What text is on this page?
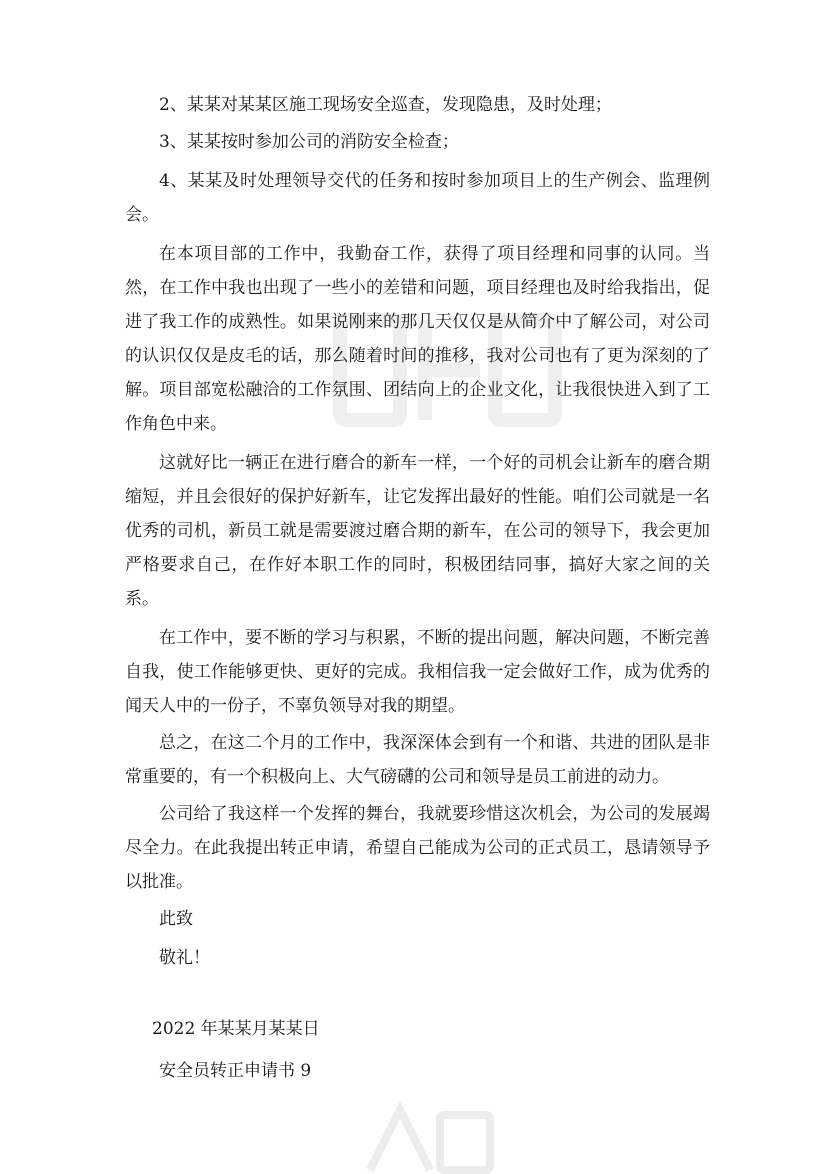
2、某某对某某区施工现场安全巡查，发现隐患，及时处理；

3、某某按时参加公司的消防安全检查；

4、某某及时处理领导交代的任务和按时参加项目上的生产例会、监理例会。

在本项目部的工作中，我勤奋工作，获得了项目经理和同事的认同。当然，在工作中我也出现了一些小的差错和问题，项目经理也及时给我指出，促进了我工作的成熟性。如果说刚来的那几天仅仅是从简介中了解公司，对公司的认识仅仅是皮毛的话，那么随着时间的推移，我对公司也有了更为深刻的了解。项目部宽松融洽的工作氛围、团结向上的企业文化，让我很快进入到了工作角色中来。

这就好比一辆正在进行磨合的新车一样，一个好的司机会让新车的磨合期缩短，并且会很好的保护好新车，让它发挥出最好的性能。咱们公司就是一名优秀的司机，新员工就是需要渡过磨合期的新车，在公司的领导下，我会更加严格要求自己，在作好本职工作的同时，积极团结同事，搞好大家之间的关系。

在工作中，要不断的学习与积累，不断的提出问题，解决问题，不断完善自我，使工作能够更快、更好的完成。我相信我一定会做好工作，成为优秀的闻天人中的一份子，不辜负领导对我的期望。

总之，在这二个月的工作中，我深深体会到有一个和谐、共进的团队是非常重要的，有一个积极向上、大气磅礴的公司和领导是员工前进的动力。

公司给了我这样一个发挥的舞台，我就要珍惜这次机会，为公司的发展竭尽全力。在此我提出转正申请，希望自己能成为公司的正式员工，恳请领导予以批准。

此致

敬礼！

2022 年某某月某某日

安全员转正申请书 9
